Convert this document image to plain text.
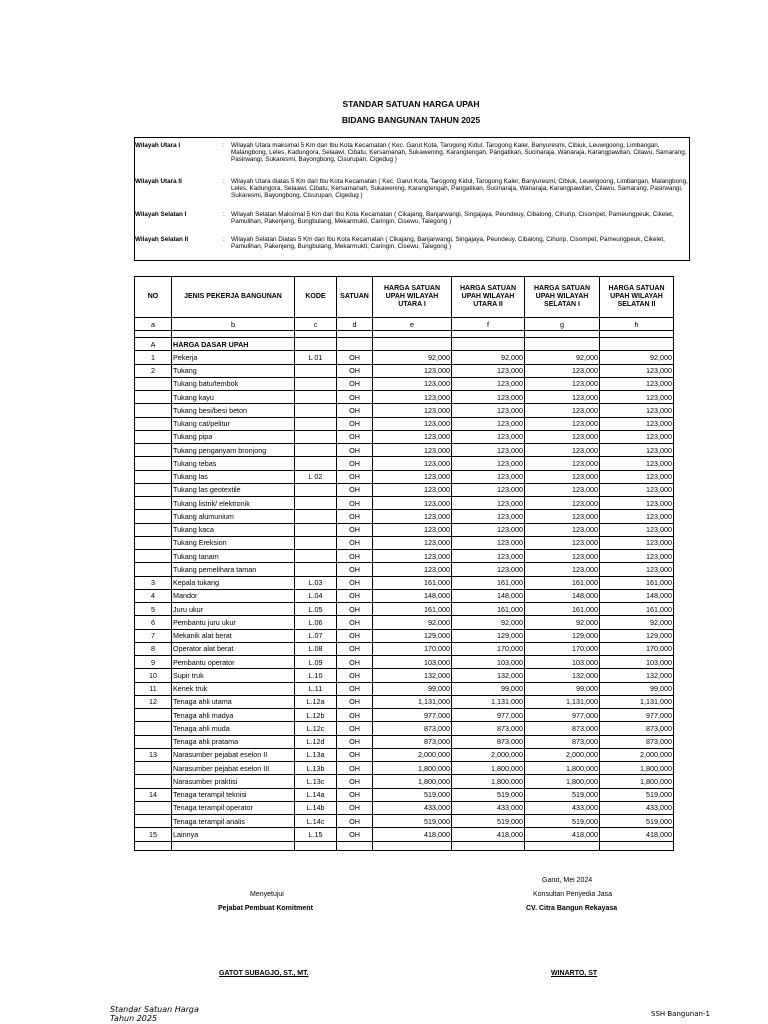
STANDAR SATUAN HARGA UPAH
BIDANG BANGUNAN TAHUN 2025
Wilayah Utara I	: Wilayah Utara maksimal 5 Km dari Ibu Kota Kecamatan ( Kec. Garut Kota, Tarogong Kidul, Tarogong Kaler, Banyuresmi, Cibiuk, Leuwigoong, Limbangan, Malangbong, Leles, Kadungora, Selaawi, Cibatu, Kersamanah, Sukawening, Karangtengah, Pangatikan, Sucinaraja, Wanaraja, Karangpawitan, Cilawu, Samarang, Pasirwangi, Sukaresmi, Bayongbong, Cisurupan, Cigedug )
Wilayah Utara II	: Wilayah Utara diatas 5 Km dari Ibu Kota Kecamatan ( Kec. Garut Kota, Tarogong Kidul, Tarogong Kaler, Banyuresmi, Cibiuk, Leuwigoong, Limbangan, Malangbong, Leles, Kadungora, Selaawi, Cibatu, Kersamanah, Sukawening, Karangtengah, Pangatikan, Sucinaraja, Wanaraja, Karangpawitan, Cilawu, Samarang, Pasirwangi, Sukaresmi, Bayongbong, Cisurupan, Cigedug )
Wilayah Selatan I	: Wilayah Selatan Maksimal 5 Km dari Ibu Kota Kecamatan ( Cikajang, Banjarwangi, Singajaya, Peundeuy, Cibalong, Cihurip, Cisompet, Pameungpeuk, Cikelet, Pamulihan, Pakenjeng, Bungbulang, Mekarmukti, Caringin, Cisewu, Talegong )
Wilayah Selatan II	: Wilayah Selatan Diatas 5 Km dari Ibu Kota Kecamatan ( Cikajang, Banjarwangi, Singajaya, Peundeuy, Cibalong, Cihurip, Cisompet, Pameungpeuk, Cikelet, Pamulihan, Pakenjeng, Bungbulang, Mekarmukti, Caringin, Cisewu, Talegong )
NO	JENIS PEKERJA BANGUNAN	KODE	SATUAN	HARGA SATUAN UPAH WILAYAH UTARA I	HARGA SATUAN UPAH WILAYAH UTARA II	HARGA SATUAN UPAH WILAYAH SELATAN I	HARGA SATUAN UPAH WILAYAH SELATAN II
a	b	c	d	e	f	g	h

A	HARGA DASAR UPAH						
1	Pekerja	L 01	OH	92,000	92,000	92,000	92,000
2	Tukang		OH	123,000	123,000	123,000	123,000
	Tukang batu/tembok		OH	123,000	123,000	123,000	123,000
	Tukang kayu		OH	123,000	123,000	123,000	123,000
	Tukang besi/besi beton		OH	123,000	123,000	123,000	123,000
	Tukang cat/pelitur		OH	123,000	123,000	123,000	123,000
	Tukang pipa		OH	123,000	123,000	123,000	123,000
	Tukang penganyam bronjong		OH	123,000	123,000	123,000	123,000
	Tukang tebas		OH	123,000	123,000	123,000	123,000
	Tukang las	L 02	OH	123,000	123,000	123,000	123,000
	Tukang las geotextile		OH	123,000	123,000	123,000	123,000
	Tukang listrik/ elektronik		OH	123,000	123,000	123,000	123,000
	Tukang alumunium		OH	123,000	123,000	123,000	123,000
	Tukang kaca		OH	123,000	123,000	123,000	123,000
	Tukang Ereksion		OH	123,000	123,000	123,000	123,000
	Tukang tanam		OH	123,000	123,000	123,000	123,000
	Tukang pemelihara taman		OH	123,000	123,000	123,000	123,000
3	Kepala tukang	L.03	OH	161,000	161,000	161,000	161,000
4	Mandor	L.04	OH	148,000	148,000	148,000	148,000
5	Juru ukur	L.05	OH	161,000	161,000	161,000	161,000
6	Pembantu juru ukur	L.06	OH	92,000	92,000	92,000	92,000
7	Mekanik alat berat	L.07	OH	129,000	129,000	129,000	129,000
8	Operator alat berat	L.08	OH	170,000	170,000	170,000	170,000
9	Pembantu operator	L.09	OH	103,000	103,000	103,000	103,000
10	Supir truk	L.10	OH	132,000	132,000	132,000	132,000
11	Kenek truk	L.11	OH	99,000	99,000	99,000	99,000
12	Tenaga ahli utama	L.12a	OH	1,131,000	1,131,000	1,131,000	1,131,000
	Tenaga ahli madya	L.12b	OH	977,000	977,000	977,000	977,000
	Tenaga ahli muda	L.12c	OH	873,000	873,000	873,000	873,000
	Tenaga ahli pratama	L.12d	OH	873,000	873,000	873,000	873,000
13	Narasumber pejabat eselon II	L.13a	OH	2,000,000	2,000,000	2,000,000	2,000,000
	Narasumber pejabat eselon III	L.13b	OH	1,800,000	1,800,000	1,800,000	1,800,000
	Narasumber praktisi	L.13c	OH	1,800,000	1,800,000	1,800,000	1,800,000
14	Tenaga terampil teknisi	L.14a	OH	519,000	519,000	519,000	519,000
	Tenaga terampil operator	L.14b	OH	433,000	433,000	433,000	433,000
	Tenaga terampil analis	L.14c	OH	519,000	519,000	519,000	519,000
15	Lainnya	L.15	OH	418,000	418,000	418,000	418,000

Garut, Mei 2024
Menyetujui
Pejabat Pembuat Komitment
GATOT SUBAGJO, ST., MT.
Konsultan Penyedia Jasa
CV. Citra Bangun Rekayasa
WINARTO, ST
Standar Satuan Harga
Tahun 2025	SSH Bangunan-1
